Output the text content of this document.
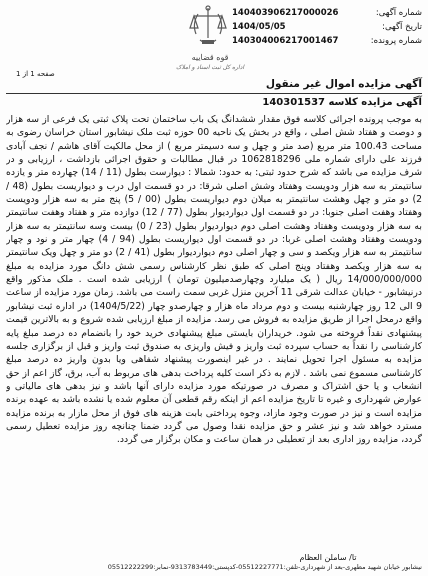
قوه قضاییه
اداره کل ثبت اسناد و املاک
شماره آگهی:
140403906217000026
تاریخ آگهی:
1404/05/05
شماره پرونده:
140304006217001467
صفحه 1 از 1
آگهی مزایده اموال غیر منقول
آگهی مزایده کلاسه 140301537
به موجب پرونده اجرائی کلاسه فوق مقدار ششدانگ یک باب ساختمان تحت پلاک ثبتی یک فرعی از سه هزار و دوصت و هفتاد شش اصلی ، واقع در بخش یک ناحیه 00 حوزه ثبت ملک نیشابور استان خراسان رضوی به مساحت 100.43 متر مربع (صد متر و چهل و سه دسیمتر مربع ) از محل مالکیت آقای هاشم / نجف آبادی فرزند علی دارای شماره ملی 1062818296 در قبال مطالبات و حقوق اجرائی بازداشت ، ارزیابی و در شرف مزایده می باشد که شرح حدود ثبتی: به حدود: شمالا : دیوارست بطول (11 / 14) چهارده متر و یازده سانتیمتر به سه هزار ودویست وهفتاد وشش اصلی شرقا: در دو قسمت اول درب و دیواریست بطول (48 / 2) دو متر و چهل وهشت سانتیمتر به میلان دوم دیواریست بطول (00 / 5) پنج متر به سه هزار ودویست وهفتاد وهفت اصلی جنوبا: در دو قسمت اول دیواردیوار بطول (77 / 12) دوازده متر و هفتاد وهفت سانتیمتر به سه هزار ودویست وهفتاد وهشت اصلی دوم دیواردیوار بطول (23 / 0) بیست وسه سانتیمتر به سه هزار ودویست وهفتاد وهشت اصلی غربا: در دو قسمت اول دیواریست بطول (94 / 4) چهار متر و نود و چهار سانتیمتر به سه هزار ویکصد و سی و چهار اصلی دوم دیواردیوار بطول (41 / 2) دو متر و چهل ویک سانتیمتر به سه هزار ویکصد وهفتاد وپنج اصلی که طبق نظر کارشناس رسمی شش دانگ مورد مزایده به مبلغ 14/000/000/000 ریال ( یک میلیارد وچهارصدمیلیون تومان ) ارزیابی شده است . ملک مذکور واقع درنیشابور - خیابان عدالت شرقی 11 آخرین منزل غربی سمت راست می باشد. زمان مورد مزایده از ساعت 9 الی 12 روز چهارشنبه بیست و دوم مرداد ماه هزار و چهارصدو چهار (1404/5/22) در اداره ثبت نیشابور واقع درمحل اجرا از طریق مزایده به فروش می رسد. مزایده از مبلغ ارزیابی شده شروع و به بالاترین قیمت پیشنهادی نقداً فروخته می شود. خریداران بایستی مبلغ پیشنهادی خرید خود را بانضمام ده درصد مبلغ پایه کارشناسی را نقداً به حساب سپرده ثبت واریز و فیش واریزی به صندوق ثبت واریز و قبل از برگزاری جلسه مزایده به مسئول اجرا تحویل نمایند . در غیر اینصورت پیشنهاد شفاهی ویا بدون واریز ده درصد مبلغ کارشناسی مسموع نمی باشد . لازم به ذکر است کلیه پرداخت بدهی های مربوط به آب، برق، گاز اعم از حق انشعاب و یا حق اشتراک و مصرف در صورتیکه مورد مزایده دارای آنها باشد و نیز بدهی های مالیاتی و عوارض شهرداری و غیره تا تاریخ مزایده اعم از اینکه رقم قطعی آن معلوم شده یا نشده باشد به عهده برنده مزایده است و نیز در صورت وجود مازاد، وجوه پرداختی بابت هزینه های فوق از محل مازار به برنده مزایده مسترد خواهد شد و نیز عشر و حق مزایده نقدا وصول می گردد ضمنا چنانچه روز مزایده تعطیل رسمی گردد، مزایده روز اداری بعد از تعطیلی در همان ساعت و مکان برگزار می گردد.
تا/ ساملن العظام
نیشابور خیابان شهید مطهری-بعد از شهرداری-تلفن:05512227771-کدپستی:9313783449-نمابر:05512222299
